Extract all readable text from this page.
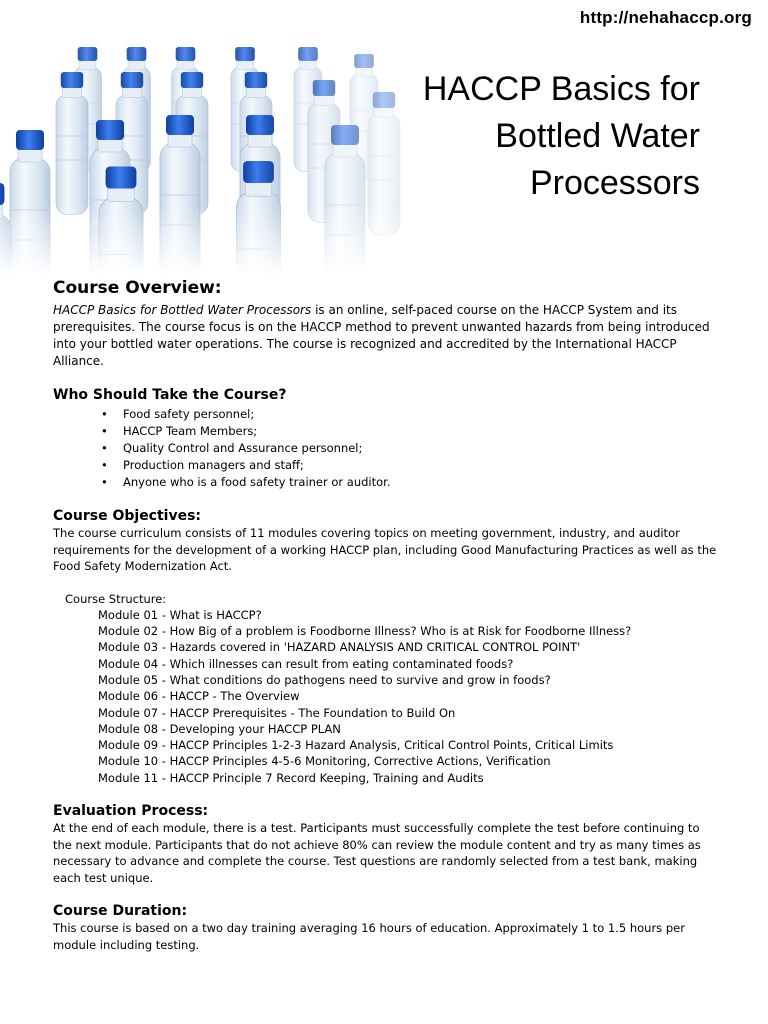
http://nehahaccp.org
HACCP Basics for
Bottled Water
Processors
Course Overview:

HACCP Basics for Bottled Water Processors is an online, self-paced course on the HACCP System and its prerequisites. The course focus is on the HACCP method to prevent unwanted hazards from being introduced into your bottled water operations. The course is recognized and accredited by the International HACCP Alliance.

Who Should Take the Course?
• Food safety personnel;
• HACCP Team Members;
• Quality Control and Assurance personnel;
• Production managers and staff;
• Anyone who is a food safety trainer or auditor.
Course Objectives:

The course curriculum consists of 11 modules covering topics on meeting government, industry, and auditor requirements for the development of a working HACCP plan, including Good Manufacturing Practices as well as the Food Safety Modernization Act.

Course Structure:
Module 01 - What is HACCP?
Module 02 - How Big of a problem is Foodborne Illness? Who is at Risk for Foodborne Illness?
Module 03 - Hazards covered in 'HAZARD ANALYSIS AND CRITICAL CONTROL POINT'
Module 04 - Which illnesses can result from eating contaminated foods?
Module 05 - What conditions do pathogens need to survive and grow in foods?
Module 06 - HACCP - The Overview
Module 07 - HACCP Prerequisites - The Foundation to Build On
Module 08 - Developing your HACCP PLAN
Module 09 - HACCP Principles 1-2-3 Hazard Analysis, Critical Control Points, Critical Limits
Module 10 - HACCP Principles 4-5-6 Monitoring, Corrective Actions, Verification
Module 11 - HACCP Principle 7 Record Keeping, Training and Audits
Evaluation Process:

At the end of each module, there is a test. Participants must successfully complete the test before continuing to the next module. Participants that do not achieve 80% can review the module content and try as many times as necessary to advance and complete the course. Test questions are randomly selected from a test bank, making each test unique.

Course Duration:

This course is based on a two day training averaging 16 hours of education. Approximately 1 to 1.5 hours per module including testing.
